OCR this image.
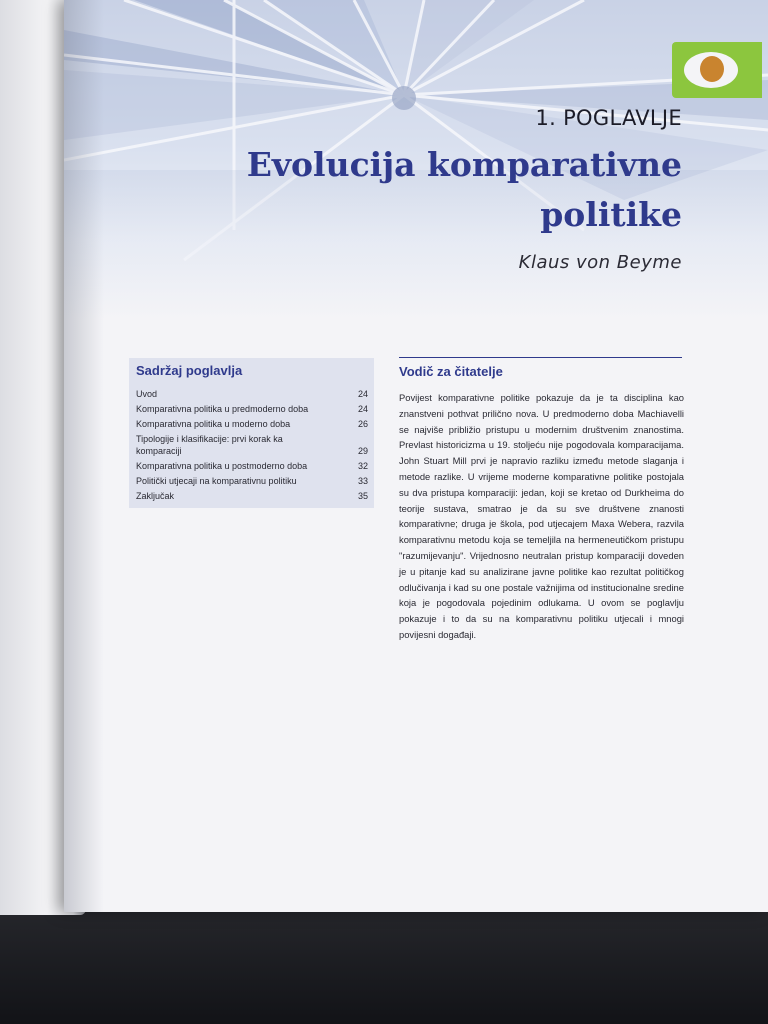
1. POGLAVLJE
Evolucija komparativne politike
Klaus von Beyme
Sadržaj poglavlja
Uvod	24
Komparativna politika u predmoderno doba	24
Komparativna politika u moderno doba	26
Tipologije i klasifikacije: prvi korak ka komparaciji	29
Komparativna politika u postmoderno doba	32
Politički utjecaji na komparativnu politiku	33
Zaključak	35
Vodič za čitatelje
Povijest komparativne politike pokazuje da je ta disciplina kao znanstveni pothvat prilično nova. U predmoderno doba Machiavelli se najviše približio pristupu u modernim društvenim znanostima. Prevlast historicizma u 19. stoljeću nije pogodovala komparacijama. John Stuart Mill prvi je napravio razliku između metode slaganja i metode razlike. U vrijeme moderne komparativne politike postojala su dva pristupa komparaciji: jedan, koji se kretao od Durkheima do teorije sustava, smatrao je da su sve društvene znanosti komparativne; druga je škola, pod utjecajem Maxa Webera, razvila komparativnu metodu koja se temeljila na hermeneutičkom pristupu "razumijevanju". Vrijednosno neutralan pristup komparaciji doveden je u pitanje kad su analizirane javne politike kao rezultat političkog odlučivanja i kad su one postale važnijima od institucionalne sredine koja je pogodovala pojedinim odlukama. U ovom se poglavlju pokazuje i to da su na komparativnu politiku utjecali i mnogi povijesni događaji.
